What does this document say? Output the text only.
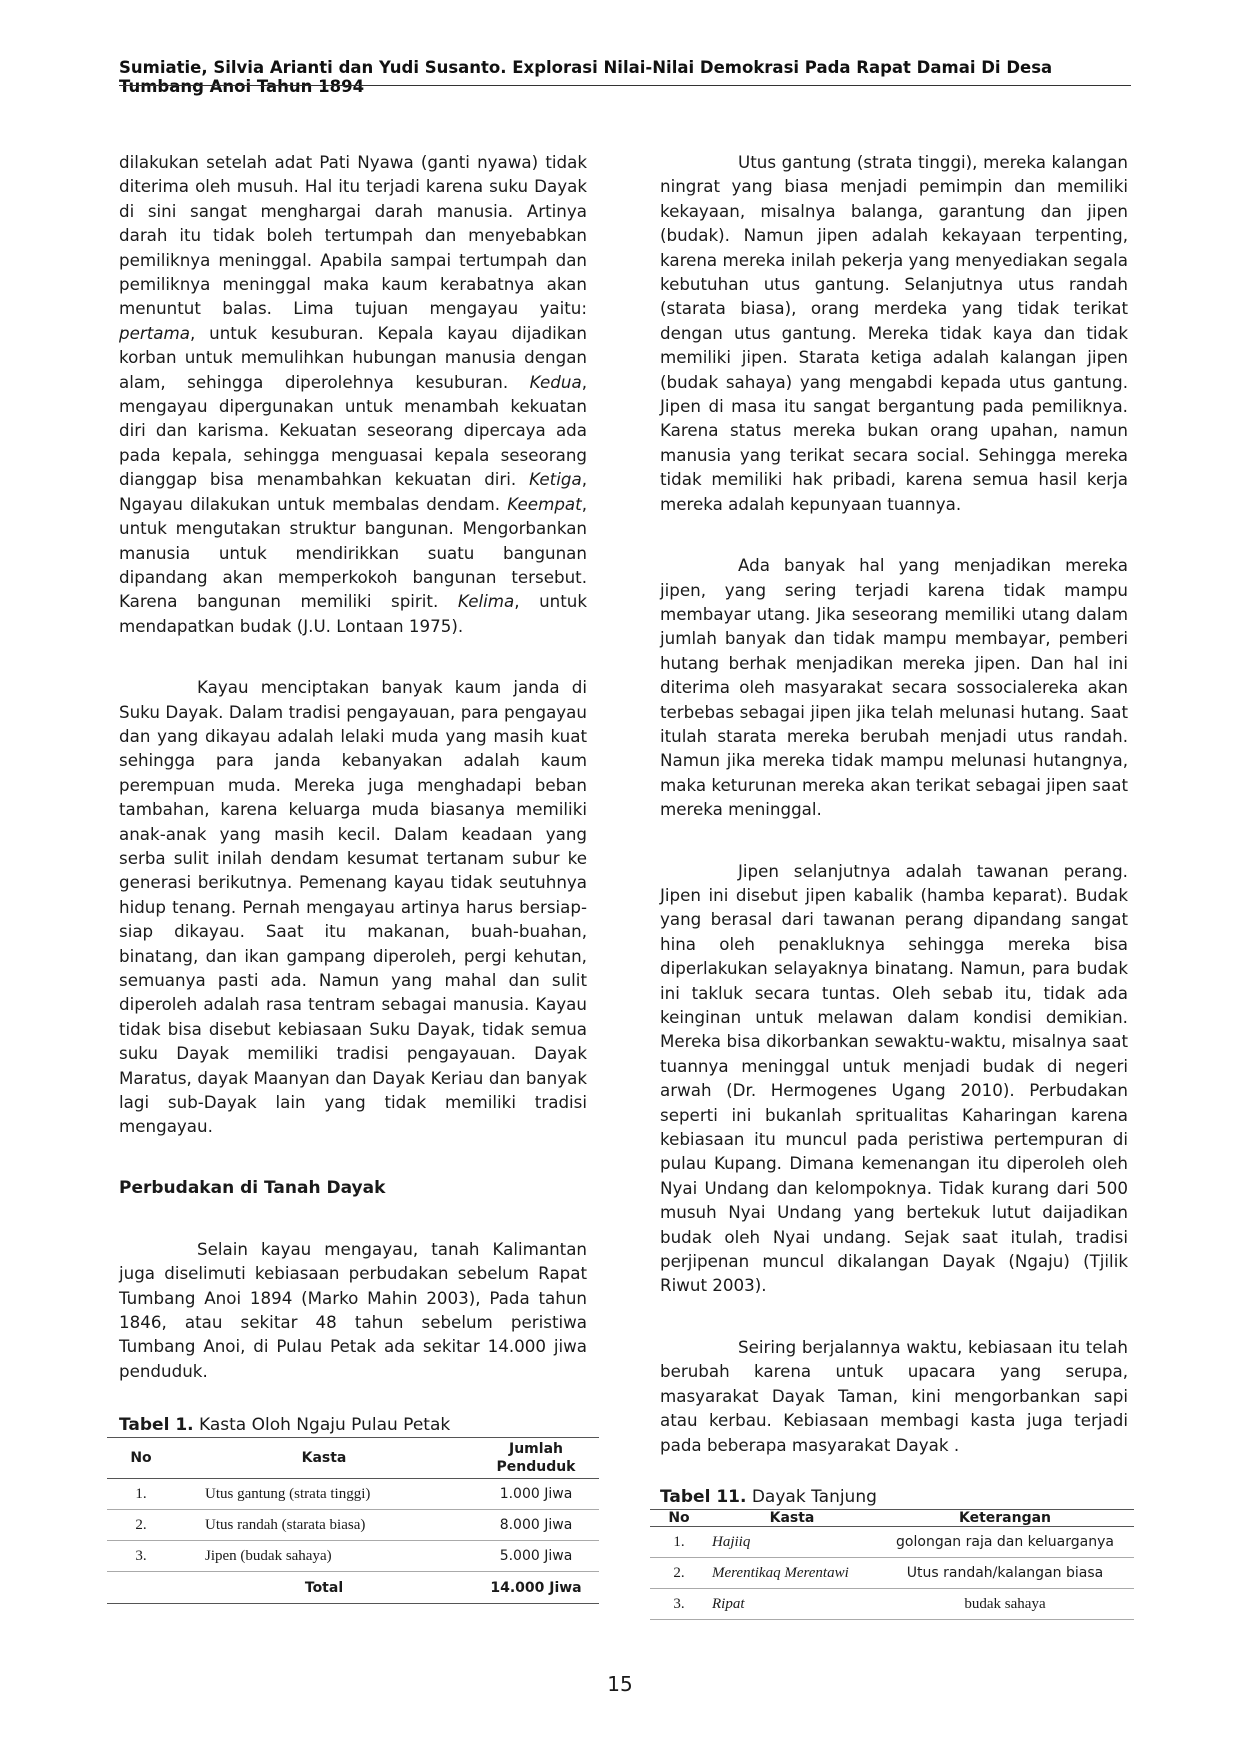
Sumiatie, Silvia Arianti dan Yudi Susanto. Explorasi Nilai-Nilai Demokrasi Pada Rapat Damai Di Desa Tumbang Anoi Tahun 1894

dilakukan setelah adat Pati Nyawa (ganti nyawa) tidak diterima oleh musuh. Hal itu terjadi karena suku Dayak di sini sangat menghargai darah manusia. Artinya darah itu tidak boleh tertumpah dan menyebabkan pemiliknya meninggal. Apabila sampai tertumpah dan pemiliknya meninggal maka kaum kerabatnya akan menuntut balas. Lima tujuan mengayau yaitu: pertama, untuk kesuburan. Kepala kayau dijadikan korban untuk memulihkan hubungan manusia dengan alam, sehingga diperolehnya kesuburan. Kedua, mengayau dipergunakan untuk menambah kekuatan diri dan karisma. Kekuatan seseorang dipercaya ada pada kepala, sehingga menguasai kepala seseorang dianggap bisa menambahkan kekuatan diri. Ketiga, Ngayau dilakukan untuk membalas dendam. Keempat, untuk mengutakan struktur bangunan. Mengorbankan manusia untuk mendirikkan suatu bangunan dipandang akan memperkokoh bangunan tersebut. Karena bangunan memiliki spirit. Kelima, untuk mendapatkan budak (J.U. Lontaan 1975).

Kayau menciptakan banyak kaum janda di Suku Dayak. Dalam tradisi pengayauan, para pengayau dan yang dikayau adalah lelaki muda yang masih kuat sehingga para janda kebanyakan adalah kaum perempuan muda. Mereka juga menghadapi beban tambahan, karena keluarga muda biasanya memiliki anak-anak yang masih kecil. Dalam keadaan yang serba sulit inilah dendam kesumat tertanam subur ke generasi berikutnya. Pemenang kayau tidak seutuhnya hidup tenang. Pernah mengayau artinya harus bersiap-siap dikayau. Saat itu makanan, buah-buahan, binatang, dan ikan gampang diperoleh, pergi kehutan, semuanya pasti ada. Namun yang mahal dan sulit diperoleh adalah rasa tentram sebagai manusia. Kayau tidak bisa disebut kebiasaan Suku Dayak, tidak semua suku Dayak memiliki tradisi pengayauan. Dayak Maratus, dayak Maanyan dan Dayak Keriau dan banyak lagi sub-Dayak lain yang tidak memiliki tradisi mengayau.

Perbudakan di Tanah Dayak

Selain kayau mengayau, tanah Kalimantan juga diselimuti kebiasaan perbudakan sebelum Rapat Tumbang Anoi 1894 (Marko Mahin 2003), Pada tahun 1846, atau sekitar 48 tahun sebelum peristiwa Tumbang Anoi, di Pulau Petak ada sekitar 14.000 jiwa penduduk.

Tabel 1. Kasta Oloh Ngaju Pulau Petak

No	Kasta	Jumlah Penduduk
1.	Utus gantung (strata tinggi)	1.000 Jiwa
2.	Utus randah (starata biasa)	8.000 Jiwa
3.	Jipen (budak sahaya)	5.000 Jiwa
	Total	14.000 Jiwa

Utus gantung (strata tinggi), mereka kalangan ningrat yang biasa menjadi pemimpin dan memiliki kekayaan, misalnya balanga, garantung dan jipen (budak). Namun jipen adalah kekayaan terpenting, karena mereka inilah pekerja yang menyediakan segala kebutuhan utus gantung. Selanjutnya utus randah (starata biasa), orang merdeka yang tidak terikat dengan utus gantung. Mereka tidak kaya dan tidak memiliki jipen. Starata ketiga adalah kalangan jipen (budak sahaya) yang mengabdi kepada utus gantung. Jipen di masa itu sangat bergantung pada pemiliknya. Karena status mereka bukan orang upahan, namun manusia yang terikat secara social. Sehingga mereka tidak memiliki hak pribadi, karena semua hasil kerja mereka adalah kepunyaan tuannya.

Ada banyak hal yang menjadikan mereka jipen, yang sering terjadi karena tidak mampu membayar utang. Jika seseorang memiliki utang dalam jumlah banyak dan tidak mampu membayar, pemberi hutang berhak menjadikan mereka jipen. Dan hal ini diterima oleh masyarakat secara sossocialereka akan terbebas sebagai jipen jika telah melunasi hutang. Saat itulah starata mereka berubah menjadi utus randah. Namun jika mereka tidak mampu melunasi hutangnya, maka keturunan mereka akan terikat sebagai jipen saat mereka meninggal.

Jipen selanjutnya adalah tawanan perang. Jipen ini disebut jipen kabalik (hamba keparat). Budak yang berasal dari tawanan perang dipandang sangat hina oleh penakluknya sehingga mereka bisa diperlakukan selayaknya binatang. Namun, para budak ini takluk secara tuntas. Oleh sebab itu, tidak ada keinginan untuk melawan dalam kondisi demikian. Mereka bisa dikorbankan sewaktu-waktu, misalnya saat tuannya meninggal untuk menjadi budak di negeri arwah (Dr. Hermogenes Ugang 2010). Perbudakan seperti ini bukanlah spritualitas Kaharingan karena kebiasaan itu muncul pada peristiwa pertempuran di pulau Kupang. Dimana kemenangan itu diperoleh oleh Nyai Undang dan kelompoknya. Tidak kurang dari 500 musuh Nyai Undang yang bertekuk lutut daijadikan budak oleh Nyai undang. Sejak saat itulah, tradisi perjipenan muncul dikalangan Dayak (Ngaju) (Tjilik Riwut 2003).

Seiring berjalannya waktu, kebiasaan itu telah berubah karena untuk upacara yang serupa, masyarakat Dayak Taman, kini mengorbankan sapi atau kerbau. Kebiasaan membagi kasta juga terjadi pada beberapa masyarakat Dayak .

Tabel 11. Dayak Tanjung

No	Kasta	Keterangan
1.	Hajiiq	golongan raja dan keluarganya
2.	Merentikaq Merentawi	Utus randah/kalangan biasa
3.	Ripat	budak sahaya
15
